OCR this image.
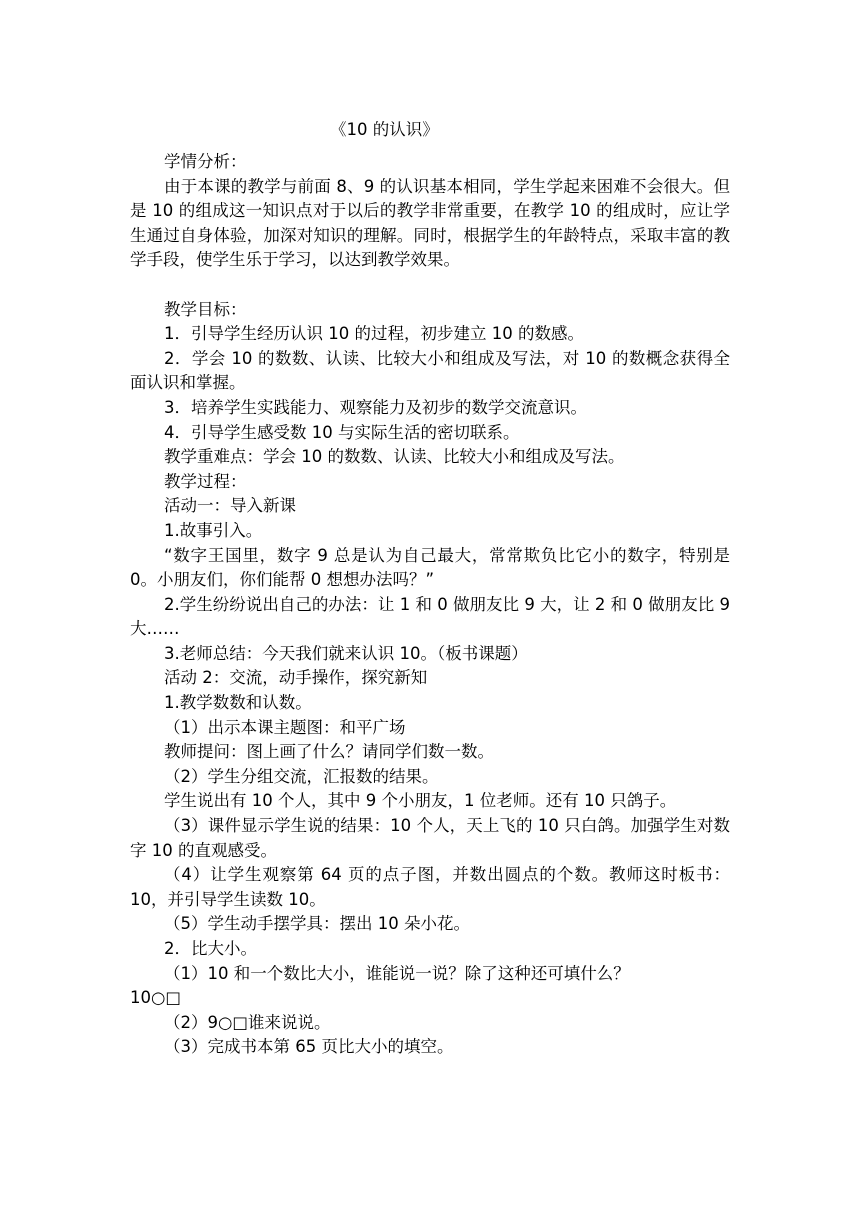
《10 的认识》

学情分析：

由于本课的教学与前面 8、9 的认识基本相同，学生学起来困难不会很大。但是 10 的组成这一知识点对于以后的教学非常重要，在教学 10 的组成时，应让学生通过自身体验，加深对知识的理解。同时，根据学生的年龄特点，采取丰富的教学手段，使学生乐于学习，以达到教学效果。

教学目标：

1．引导学生经历认识 10 的过程，初步建立 10 的数感。

2．学会 10 的数数、认读、比较大小和组成及写法，对 10 的数概念获得全面认识和掌握。

3．培养学生实践能力、观察能力及初步的数学交流意识。

4．引导学生感受数 10 与实际生活的密切联系。

教学重难点：学会 10 的数数、认读、比较大小和组成及写法。

教学过程：

活动一：导入新课

1.故事引入。

“数字王国里，数字 9 总是认为自己最大，常常欺负比它小的数字，特别是 0。小朋友们，你们能帮 0 想想办法吗？”

2.学生纷纷说出自己的办法：让 1 和 0 做朋友比 9 大，让 2 和 0 做朋友比 9 大……

3.老师总结：今天我们就来认识 10。（板书课题）

活动 2：交流，动手操作，探究新知

1.教学数数和认数。

（1）出示本课主题图：和平广场

教师提问：图上画了什么？请同学们数一数。

（2）学生分组交流，汇报数的结果。

学生说出有 10 个人，其中 9 个小朋友，1 位老师。还有 10 只鸽子。

（3）课件显示学生说的结果：10 个人，天上飞的 10 只白鸽。加强学生对数字 10 的直观感受。

（4）让学生观察第 64 页的点子图，并数出圆点的个数。教师这时板书：10，并引导学生读数 10。

（5）学生动手摆学具：摆出 10 朵小花。

2．比大小。

（1）10 和一个数比大小，谁能说一说？除了这种还可填什么？

10○□

（2）9○□谁来说说。

（3）完成书本第 65 页比大小的填空。
